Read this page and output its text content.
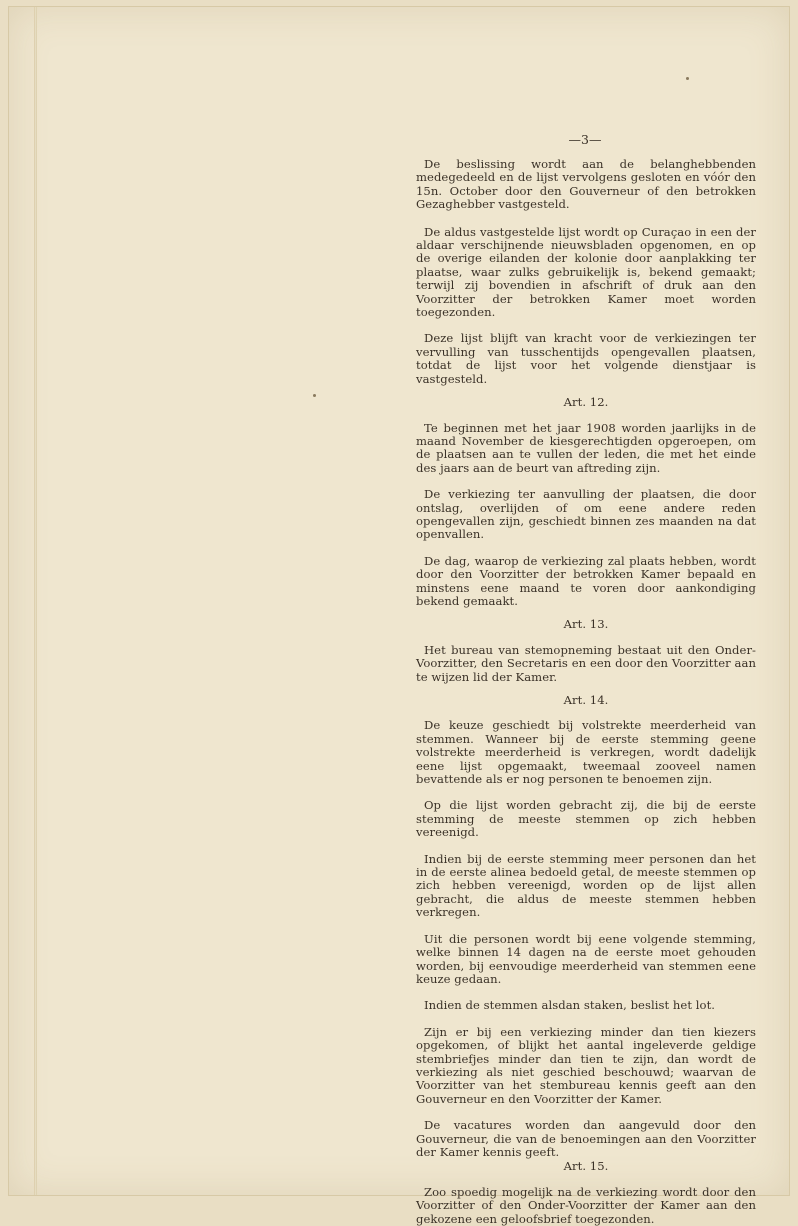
—3—

De beslissing wordt aan de belanghebbenden medegedeeld en de lijst vervolgens gesloten en vóór den 15n. October door den Gouverneur of den betrokken Gezaghebber vastgesteld.

De aldus vastgestelde lijst wordt op Curaçao in een der aldaar verschijnende nieuwsbladen opgenomen, en op de overige eilanden der kolonie door aanplakking ter plaatse, waar zulks gebruikelijk is, bekend gemaakt; terwijl zij bovendien in afschrift of druk aan den Voorzitter der betrokken Kamer moet worden toegezonden.

Deze lijst blijft van kracht voor de verkiezingen ter vervulling van tusschentijds opengevallen plaatsen, totdat de lijst voor het volgende dienstjaar is vastgesteld.

Art. 12.

Te beginnen met het jaar 1908 worden jaarlijks in de maand November de kiesgerechtigden opgeroepen, om de plaatsen aan te vullen der leden, die met het einde des jaars aan de beurt van aftreding zijn.

De verkiezing ter aanvulling der plaatsen, die door ontslag, overlijden of om eene andere reden opengevallen zijn, geschiedt binnen zes maanden na dat openvallen.

De dag, waarop de verkiezing zal plaats hebben, wordt door den Voorzitter der betrokken Kamer bepaald en minstens eene maand te voren door aankondiging bekend gemaakt.

Art. 13.

Het bureau van stemopneming bestaat uit den Onder-Voorzitter, den Secretaris en een door den Voorzitter aan te wijzen lid der Kamer.

Art. 14.

De keuze geschiedt bij volstrekte meerderheid van stemmen. Wanneer bij de eerste stemming geene volstrekte meerderheid is verkregen, wordt dadelijk eene lijst opgemaakt, tweemaal zooveel namen bevattende als er nog personen te benoemen zijn.

Op die lijst worden gebracht zij, die bij de eerste stemming de meeste stemmen op zich hebben vereenigd.

Indien bij de eerste stemming meer personen dan het in de eerste alinea bedoeld getal, de meeste stemmen op zich hebben vereenigd, worden op de lijst allen gebracht, die aldus de meeste stemmen hebben verkregen.

Uit die personen wordt bij eene volgende stemming, welke binnen 14 dagen na de eerste moet gehouden worden, bij eenvoudige meerderheid van stemmen eene keuze gedaan.

Indien de stemmen alsdan staken, beslist het lot.

Zijn er bij een verkiezing minder dan tien kiezers opgekomen, of blijkt het aantal ingeleverde geldige stembriefjes minder dan tien te zijn, dan wordt de verkiezing als niet geschied beschouwd; waarvan de Voorzitter van het stembureau kennis geeft aan den Gouverneur en den Voorzitter der Kamer.

De vacatures worden dan aangevuld door den Gouverneur, die van de benoemingen aan den Voorzitter der Kamer kennis geeft.

Art. 15.

Zoo spoedig mogelijk na de verkiezing wordt door den Voorzitter of den Onder-Voorzitter der Kamer aan den gekozene een geloofsbrief toegezonden.
